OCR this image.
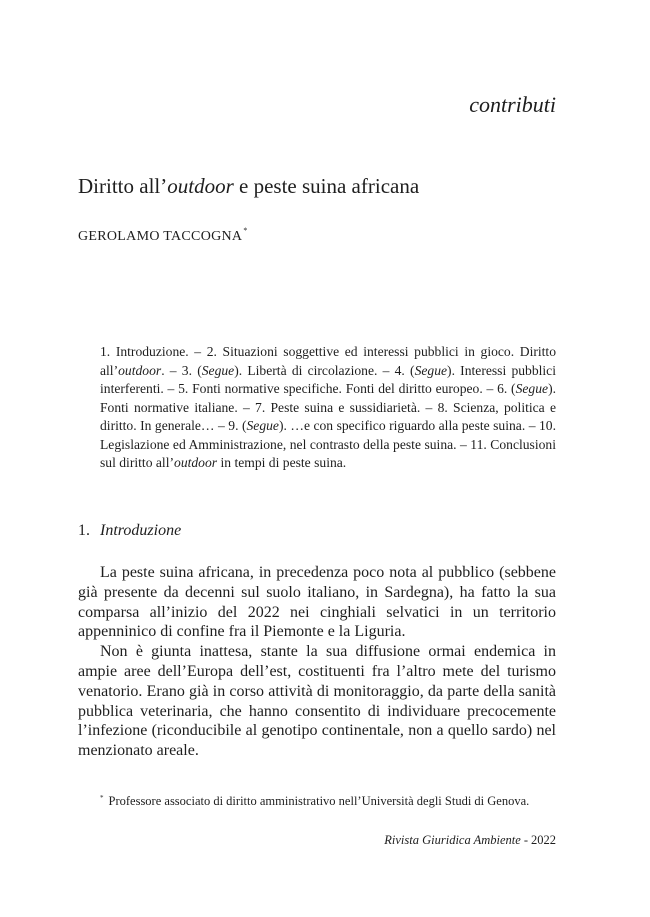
contributi
Diritto all’outdoor e peste suina africana
GEROLAMO TACCOGNA*
1. Introduzione. – 2. Situazioni soggettive ed interessi pubblici in gioco. Diritto all’outdoor. – 3. (Segue). Libertà di circolazione. – 4. (Segue). Interessi pubblici interferenti. – 5. Fonti normative specifiche. Fonti del diritto europeo. – 6. (Segue). Fonti normative italiane. – 7. Peste suina e sussidiarietà. – 8. Scienza, politica e diritto. In generale… – 9. (Segue). …e con specifico riguardo alla peste suina. – 10. Legislazione ed Amministrazione, nel contrasto della peste suina. – 11. Conclusioni sul diritto all’outdoor in tempi di peste suina.
1. Introduzione

La peste suina africana, in precedenza poco nota al pubblico (sebbene già presente da decenni sul suolo italiano, in Sardegna), ha fatto la sua comparsa all’inizio del 2022 nei cinghiali selvatici in un territorio appenninico di confine fra il Piemonte e la Liguria.

Non è giunta inattesa, stante la sua diffusione ormai endemica in ampie aree dell’Europa dell’est, costituenti fra l’altro mete del turismo venatorio. Erano già in corso attività di monitoraggio, da parte della sanità pubblica veterinaria, che hanno consentito di individuare precocemente l’infezione (riconducibile al genotipo continentale, non a quello sardo) nel menzionato areale.

* Professore associato di diritto amministrativo nell’Università degli Studi di Genova.

Rivista Giuridica Ambiente - 2022
